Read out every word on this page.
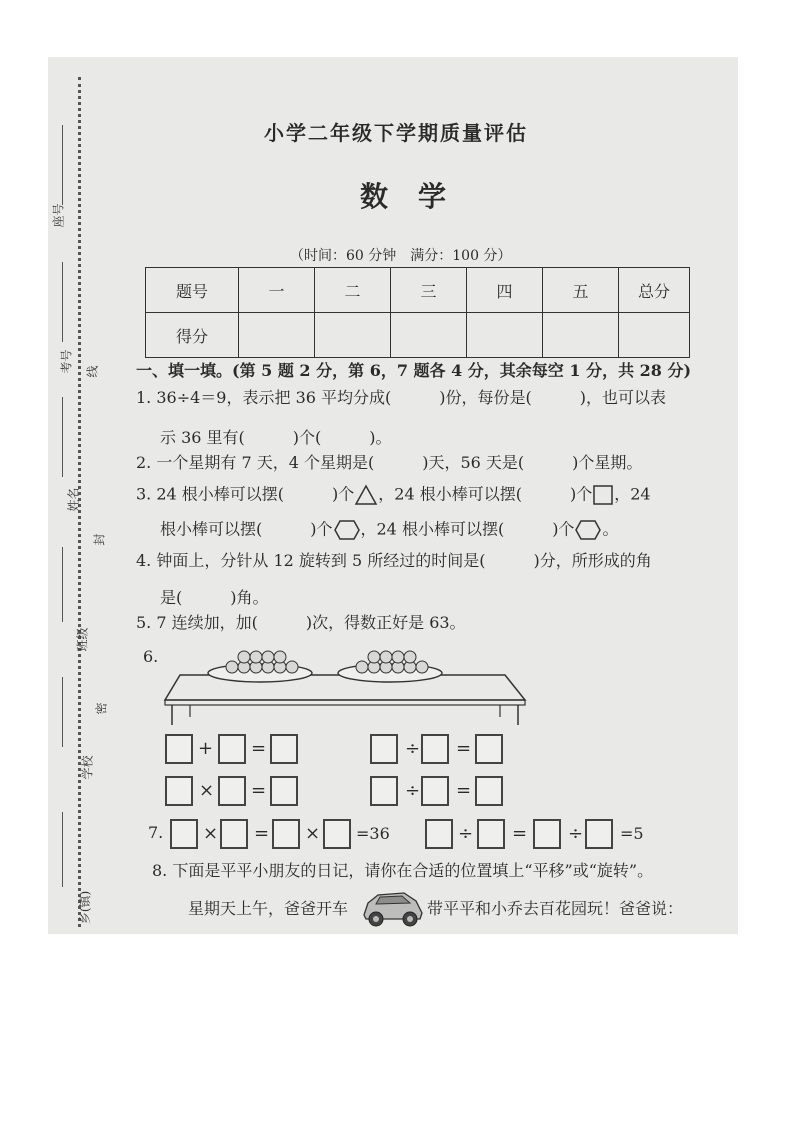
座号
考号 线
姓名
封
班级
密
学校
乡(镇)
小学二年级下学期质量评估
数学
（时间：60 分钟　满分：100 分）
题号	一	二	三	四	五	总分
得分						
一、填一填。(第 5 题 2 分，第 6，7 题各 4 分，其余每空 1 分，共 28 分)
1. 36÷4＝9，表示把 36 平均分成(　　　)份，每份是(　　　)，也可以表
示 36 里有(　　　)个(　　　)。
2. 一个星期有 7 天，4 个星期是(　　　)天，56 天是(　　　)个星期。
3. 24 根小棒可以摆(　　　)个 ，24 根小棒可以摆(　　　)个 ，24
根小棒可以摆(　　　)个 ，24 根小棒可以摆(　　　)个 。
4. 钟面上，分针从 12 旋转到 5 所经过的时间是(　　　)分，所形成的角
是(　　　)角。
5. 7 连续加，加(　　　)次，得数正好是 63。
6.
+ =	÷ =
× =	÷ =
7. × = × =36	÷ = ÷ =5
8. 下面是平平小朋友的日记，请你在合适的位置填上“平移”或“旋转”。
星期天上午，爸爸开车	带平平和小乔去百花园玩！爸爸说：
